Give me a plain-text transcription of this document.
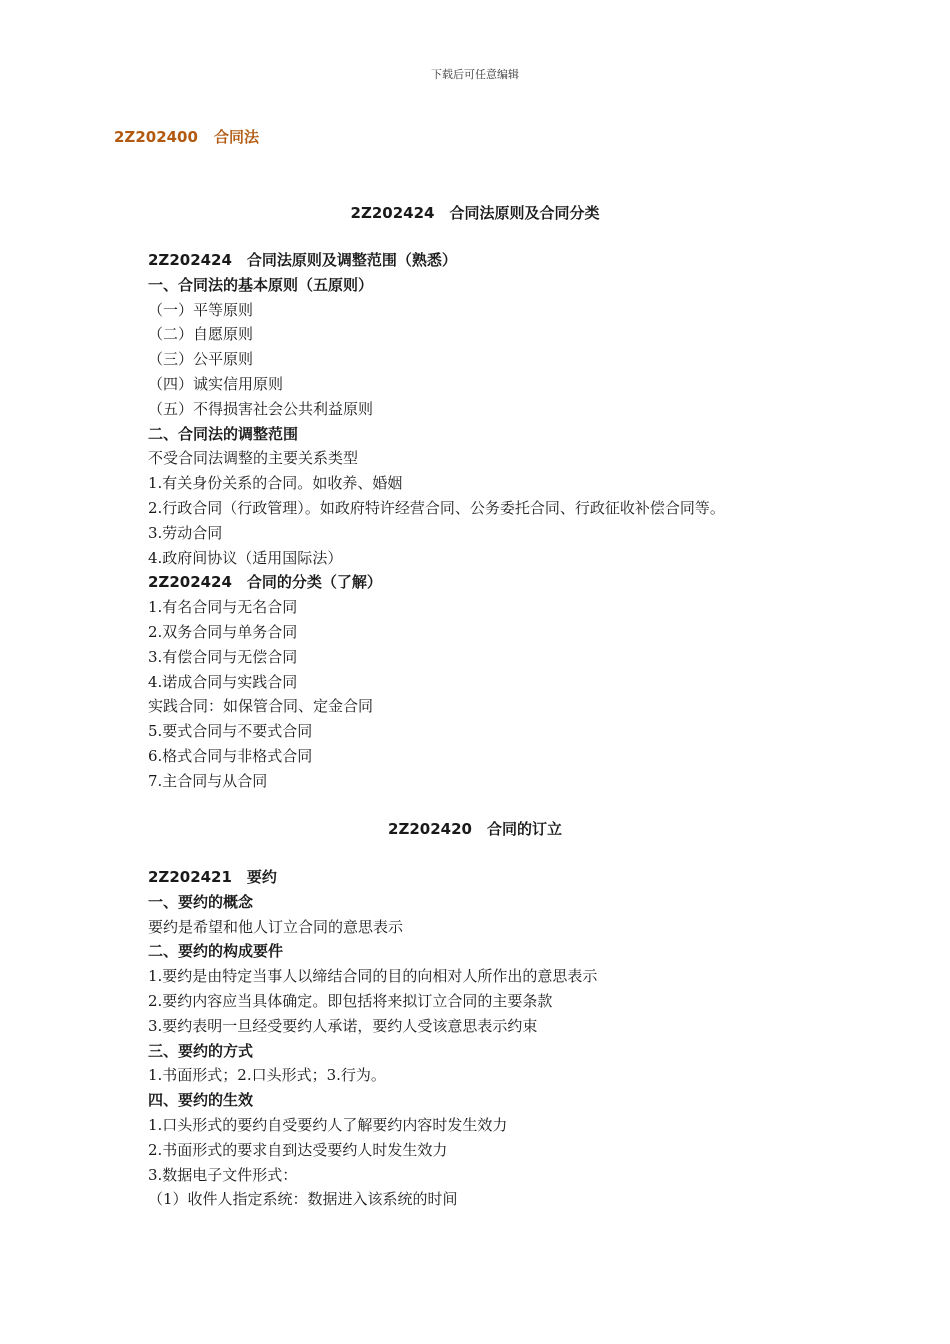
下载后可任意编辑
2Z202400 合同法
2Z202424　合同法原则及合同分类
2Z202424　合同法原则及调整范围（熟悉）
一、合同法的基本原则（五原则）
（一）平等原则
（二）自愿原则
（三）公平原则
（四）诚实信用原则
（五）不得损害社会公共利益原则
二、合同法的调整范围
不受合同法调整的主要关系类型
1.有关身份关系的合同。如收养、婚姻
2.行政合同（行政管理）。如政府特许经营合同、公务委托合同、行政征收补偿合同等。
3.劳动合同
4.政府间协议（适用国际法）
2Z202424　合同的分类（了解）
1.有名合同与无名合同
2.双务合同与单务合同
3.有偿合同与无偿合同
4.诺成合同与实践合同
实践合同：如保管合同、定金合同
5.要式合同与不要式合同
6.格式合同与非格式合同
7.主合同与从合同
2Z202420　合同的订立
2Z202421　要约
一、要约的概念
要约是希望和他人订立合同的意思表示
二、要约的构成要件
1.要约是由特定当事人以缔结合同的目的向相对人所作出的意思表示
2.要约内容应当具体确定。即包括将来拟订立合同的主要条款
3.要约表明一旦经受要约人承诺，要约人受该意思表示约束
三、要约的方式
1.书面形式；2.口头形式；3.行为。
四、要约的生效
1.口头形式的要约自受要约人了解要约内容时发生效力
2.书面形式的要求自到达受要约人时发生效力
3.数据电子文件形式：
（1）收件人指定系统：数据进入该系统的时间
